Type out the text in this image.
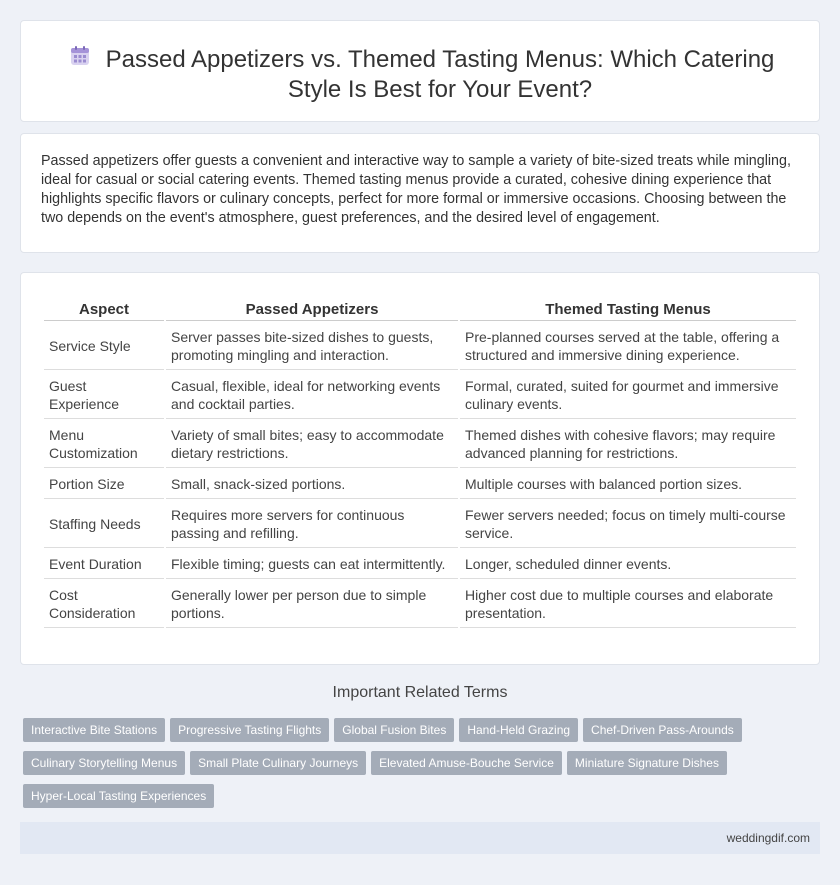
Passed Appetizers vs. Themed Tasting Menus: Which Catering Style Is Best for Your Event?

Passed appetizers offer guests a convenient and interactive way to sample a variety of bite-sized treats while mingling, ideal for casual or social catering events. Themed tasting menus provide a curated, cohesive dining experience that highlights specific flavors or culinary concepts, perfect for more formal or immersive occasions. Choosing between the two depends on the event's atmosphere, guest preferences, and the desired level of engagement.

Aspect	Passed Appetizers	Themed Tasting Menus
Service Style	Server passes bite-sized dishes to guests, promoting mingling and interaction.	Pre-planned courses served at the table, offering a structured and immersive dining experience.
Guest Experience	Casual, flexible, ideal for networking events and cocktail parties.	Formal, curated, suited for gourmet and immersive culinary events.
Menu Customization	Variety of small bites; easy to accommodate dietary restrictions.	Themed dishes with cohesive flavors; may require advanced planning for restrictions.
Portion Size	Small, snack-sized portions.	Multiple courses with balanced portion sizes.
Staffing Needs	Requires more servers for continuous passing and refilling.	Fewer servers needed; focus on timely multi-course service.
Event Duration	Flexible timing; guests can eat intermittently.	Longer, scheduled dinner events.
Cost Consideration	Generally lower per person due to simple portions.	Higher cost due to multiple courses and elaborate presentation.
Important Related Terms
Interactive Bite Stations Progressive Tasting Flights Global Fusion Bites Hand-Held Grazing Chef-Driven Pass-Arounds
Culinary Storytelling Menus Small Plate Culinary Journeys Elevated Amuse-Bouche Service Miniature Signature Dishes
Hyper-Local Tasting Experiences
weddingdif.com
